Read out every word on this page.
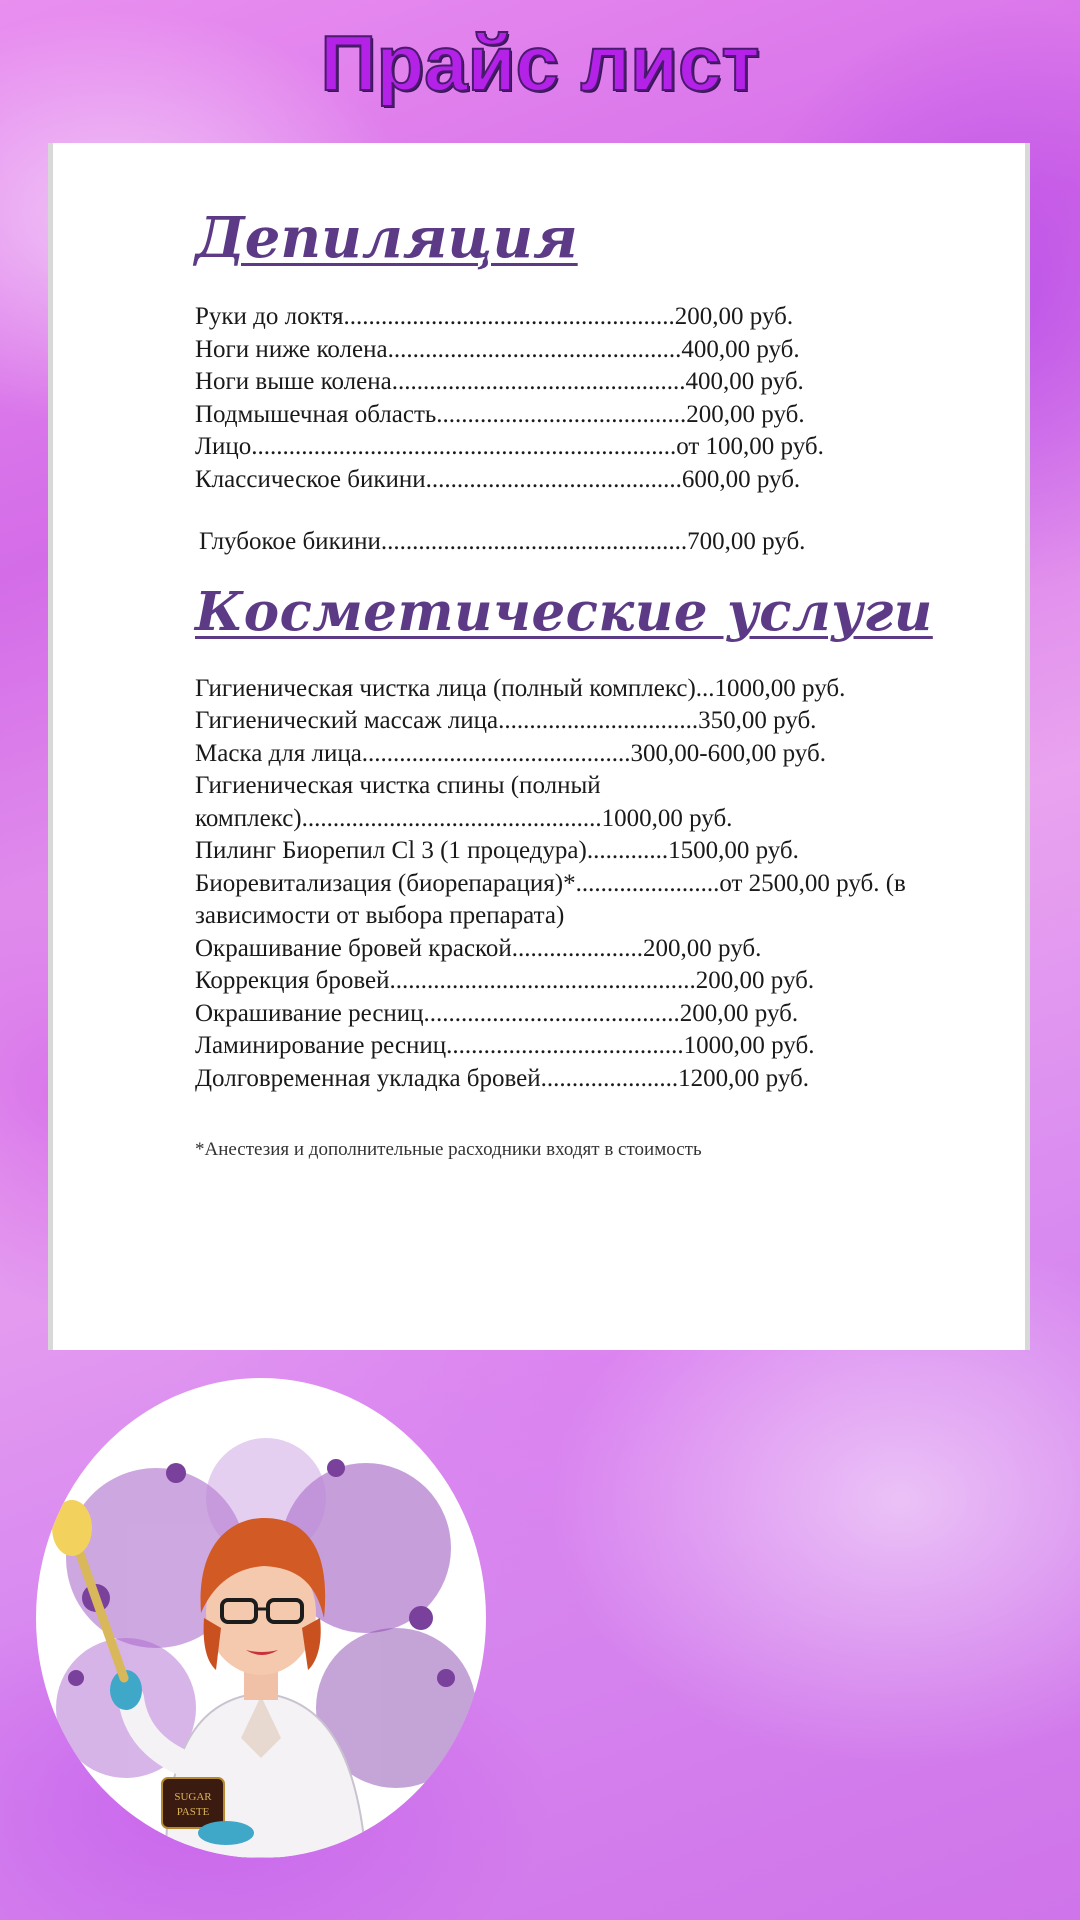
Прайс лист
Депиляция
Руки до локтя.....................................................200,00 руб.
Ноги ниже колена...............................................400,00 руб.
Ноги выше колена...............................................400,00 руб.
Подмышечная область........................................200,00 руб.
Лицо....................................................................от 100,00 руб.
Классическое бикини.........................................600,00 руб.
Глубокое бикини.................................................700,00 руб.
Косметические услуги
Гигиеническая чистка лица (полный комплекс)...1000,00 руб.
Гигиенический массаж лица................................350,00 руб.
Маска для лица...........................................300,00-600,00 руб.
Гигиеническая чистка спины (полный комплекс)................................................1000,00 руб.
Пилинг Биорепил Cl 3 (1 процедура).............1500,00 руб.
Биоревитализация (биорепарация)*.......................от 2500,00 руб. (в зависимости от выбора препарата)
Окрашивание бровей краской.....................200,00 руб.
Коррекция бровей.................................................200,00 руб.
Окрашивание ресниц.........................................200,00 руб.
Ламинирование ресниц......................................1000,00 руб.
Долговременная укладка бровей......................1200,00 руб.
*Анестезия и дополнительные расходники входят в стоимость
SUGAR
PASTE
